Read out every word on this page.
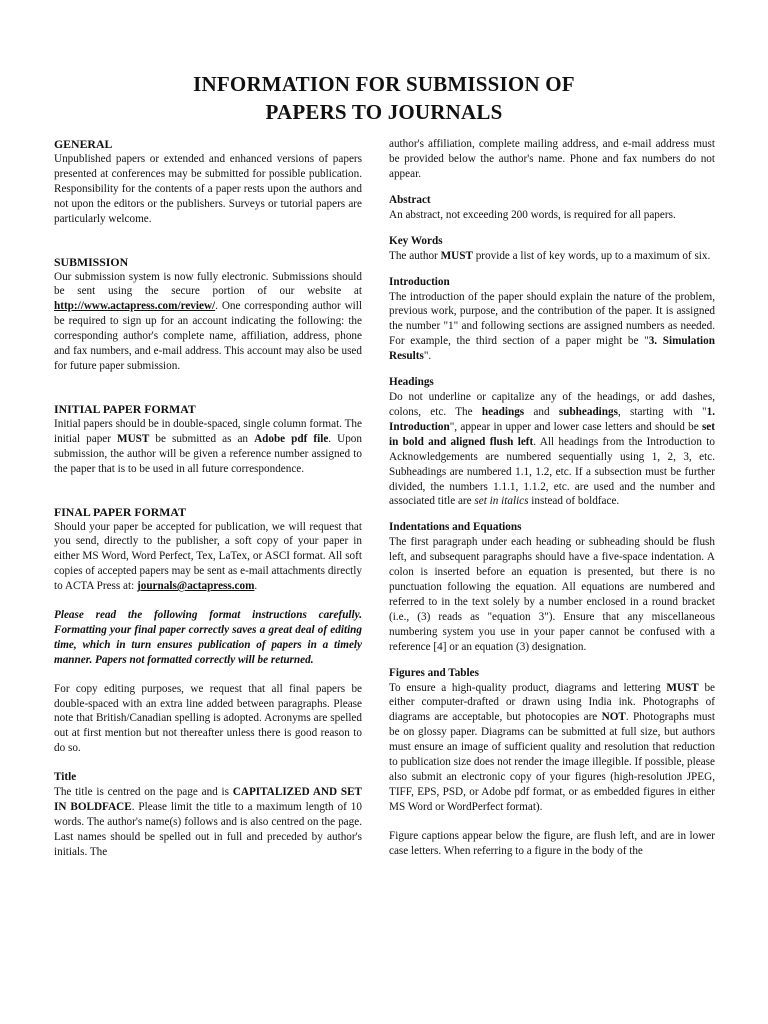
INFORMATION FOR SUBMISSION OF
PAPERS TO JOURNALS
GENERAL

Unpublished papers or extended and enhanced versions of papers presented at conferences may be submitted for possible publication. Responsibility for the contents of a paper rests upon the authors and not upon the editors or the publishers. Surveys or tutorial papers are particularly welcome.

SUBMISSION

Our submission system is now fully electronic. Submissions should be sent using the secure portion of our website at http://www.actapress.com/review/. One corresponding author will be required to sign up for an account indicating the following: the corresponding author's complete name, affiliation, address, phone and fax numbers, and e-mail address. This account may also be used for future paper submission.

INITIAL PAPER FORMAT

Initial papers should be in double-spaced, single column format. The initial paper MUST be submitted as an Adobe pdf file. Upon submission, the author will be given a reference number assigned to the paper that is to be used in all future correspondence.

FINAL PAPER FORMAT

Should your paper be accepted for publication, we will request that you send, directly to the publisher, a soft copy of your paper in either MS Word, Word Perfect, Tex, LaTex, or ASCI format. All soft copies of accepted papers may be sent as e-mail attachments directly to ACTA Press at: journals@actapress.com.

Please read the following format instructions carefully. Formatting your final paper correctly saves a great deal of editing time, which in turn ensures publication of papers in a timely manner. Papers not formatted correctly will be returned.

For copy editing purposes, we request that all final papers be double-spaced with an extra line added between paragraphs. Please note that British/Canadian spelling is adopted. Acronyms are spelled out at first mention but not thereafter unless there is good reason to do so.

Title

The title is centred on the page and is CAPITALIZED AND SET IN BOLDFACE. Please limit the title to a maximum length of 10 words. The author's name(s) follows and is also centred on the page. Last names should be spelled out in full and preceded by author's initials. The

author's affiliation, complete mailing address, and e-mail address must be provided below the author's name. Phone and fax numbers do not appear.

Abstract

An abstract, not exceeding 200 words, is required for all papers.

Key Words

The author MUST provide a list of key words, up to a maximum of six.

Introduction

The introduction of the paper should explain the nature of the problem, previous work, purpose, and the contribution of the paper. It is assigned the number "1" and following sections are assigned numbers as needed. For example, the third section of a paper might be "3. Simulation Results".

Headings

Do not underline or capitalize any of the headings, or add dashes, colons, etc. The headings and subheadings, starting with "1. Introduction", appear in upper and lower case letters and should be set in bold and aligned flush left. All headings from the Introduction to Acknowledgements are numbered sequentially using 1, 2, 3, etc. Subheadings are numbered 1.1, 1.2, etc. If a subsection must be further divided, the numbers 1.1.1, 1.1.2, etc. are used and the number and associated title are set in italics instead of boldface.

Indentations and Equations

The first paragraph under each heading or subheading should be flush left, and subsequent paragraphs should have a five-space indentation. A colon is inserted before an equation is presented, but there is no punctuation following the equation. All equations are numbered and referred to in the text solely by a number enclosed in a round bracket (i.e., (3) reads as "equation 3"). Ensure that any miscellaneous numbering system you use in your paper cannot be confused with a reference [4] or an equation (3) designation.

Figures and Tables

To ensure a high-quality product, diagrams and lettering MUST be either computer-drafted or drawn using India ink. Photographs of diagrams are acceptable, but photocopies are NOT. Photographs must be on glossy paper. Diagrams can be submitted at full size, but authors must ensure an image of sufficient quality and resolution that reduction to publication size does not render the image illegible. If possible, please also submit an electronic copy of your figures (high-resolution JPEG, TIFF, EPS, PSD, or Adobe pdf format, or as embedded figures in either MS Word or WordPerfect format).

Figure captions appear below the figure, are flush left, and are in lower case letters. When referring to a figure in the body of the
